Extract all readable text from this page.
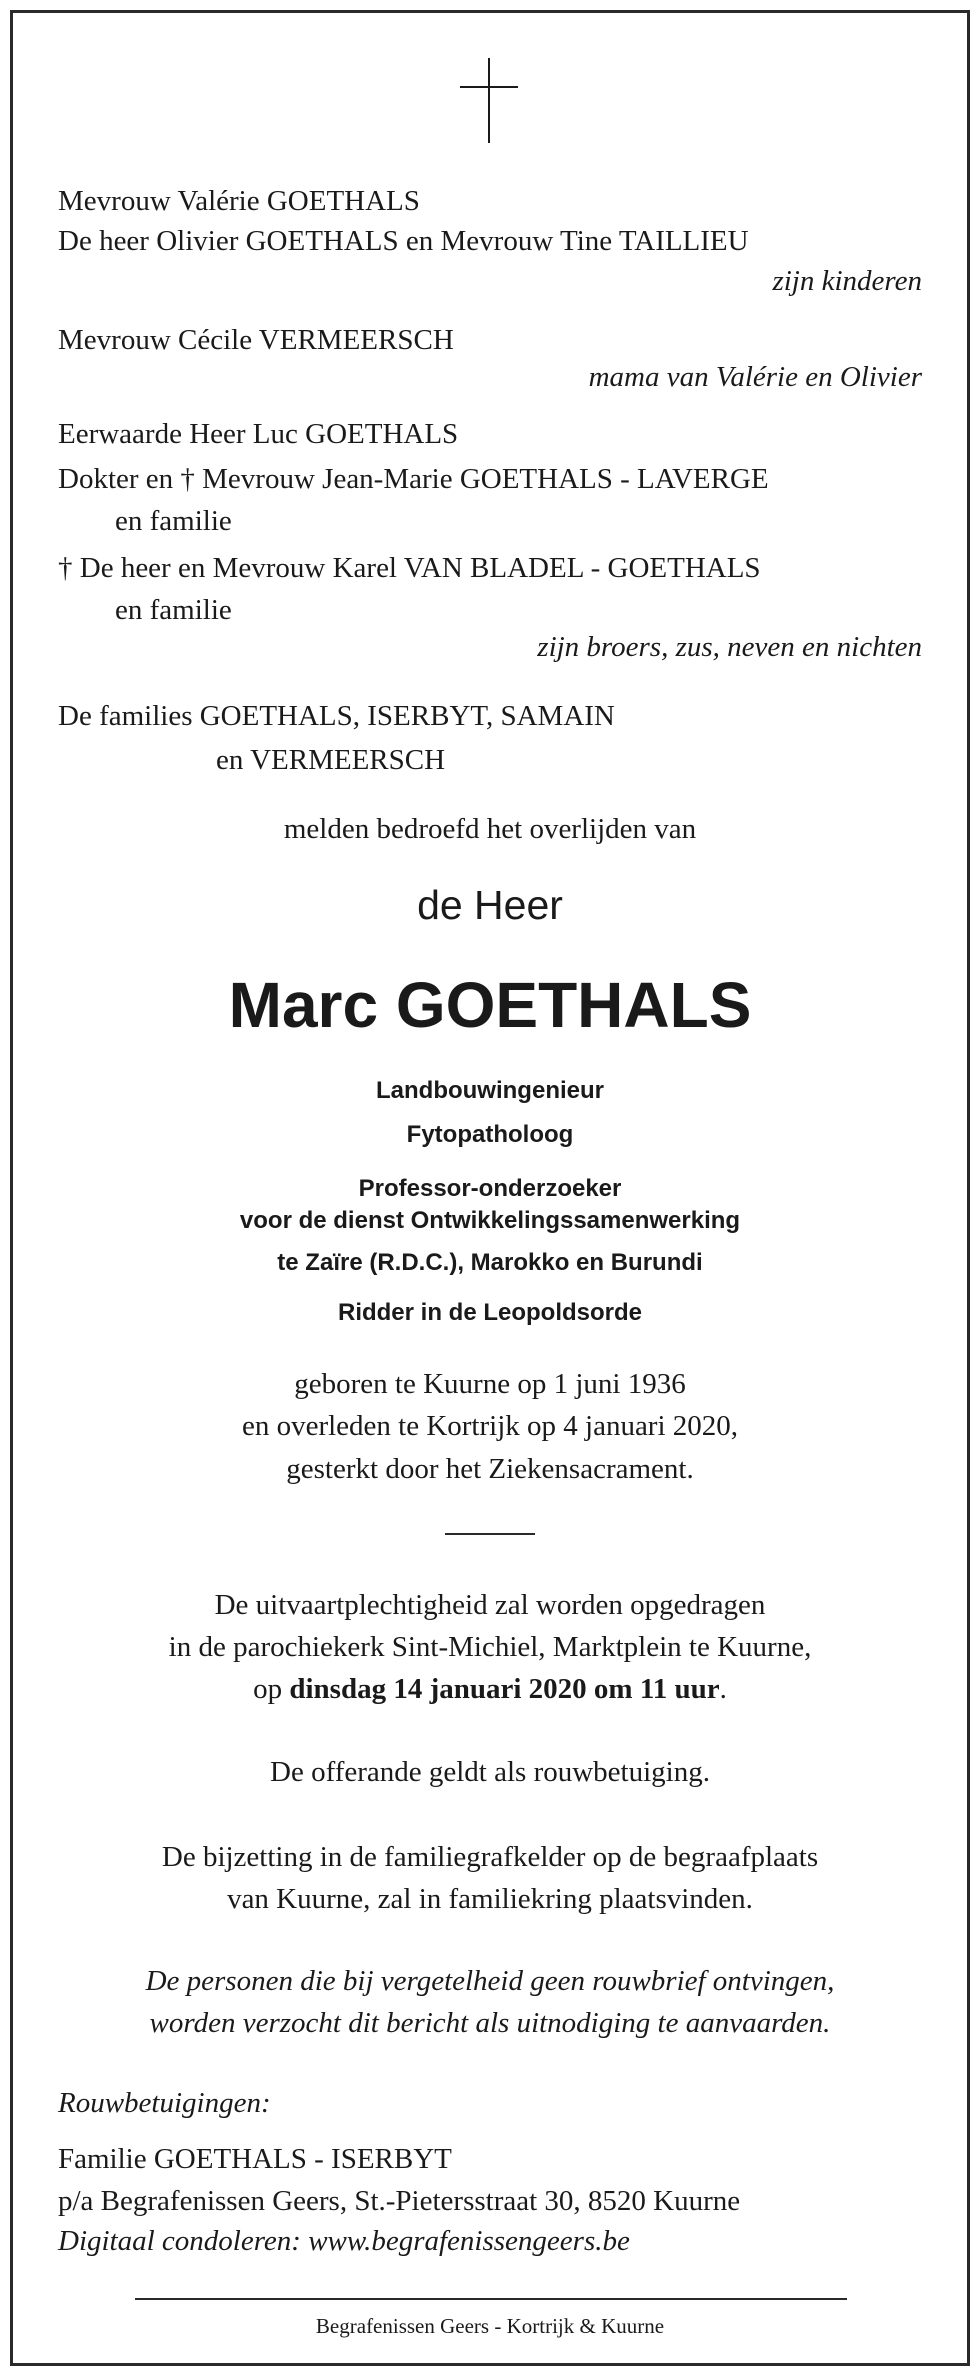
Mevrouw Valérie GOETHALS
De heer Olivier GOETHALS en Mevrouw Tine TAILLIEU
zijn kinderen
Mevrouw Cécile VERMEERSCH
mama van Valérie en Olivier
Eerwaarde Heer Luc GOETHALS
Dokter en † Mevrouw Jean-Marie GOETHALS - LAVERGE
en familie
† De heer en Mevrouw Karel VAN BLADEL - GOETHALS
en familie
zijn broers, zus, neven en nichten
De families GOETHALS, ISERBYT, SAMAIN
en VERMEERSCH
melden bedroefd het overlijden van
de Heer
Marc GOETHALS
Landbouwingenieur
Fytopatholoog
Professor-onderzoeker
voor de dienst Ontwikkelingssamenwerking
te Zaïre (R.D.C.), Marokko en Burundi
Ridder in de Leopoldsorde
geboren te Kuurne op 1 juni 1936
en overleden te Kortrijk op 4 januari 2020,
gesterkt door het Ziekensacrament.
De uitvaartplechtigheid zal worden opgedragen
in de parochiekerk Sint-Michiel, Marktplein te Kuurne,
op dinsdag 14 januari 2020 om 11 uur.
De offerande geldt als rouwbetuiging.
De bijzetting in de familiegrafkelder op de begraafplaats
van Kuurne, zal in familiekring plaatsvinden.
De personen die bij vergetelheid geen rouwbrief ontvingen,
worden verzocht dit bericht als uitnodiging te aanvaarden.
Rouwbetuigingen:
Familie GOETHALS - ISERBYT
p/a Begrafenissen Geers, St.-Pietersstraat 30, 8520 Kuurne
Digitaal condoleren: www.begrafenissengeers.be
Begrafenissen Geers - Kortrijk & Kuurne
